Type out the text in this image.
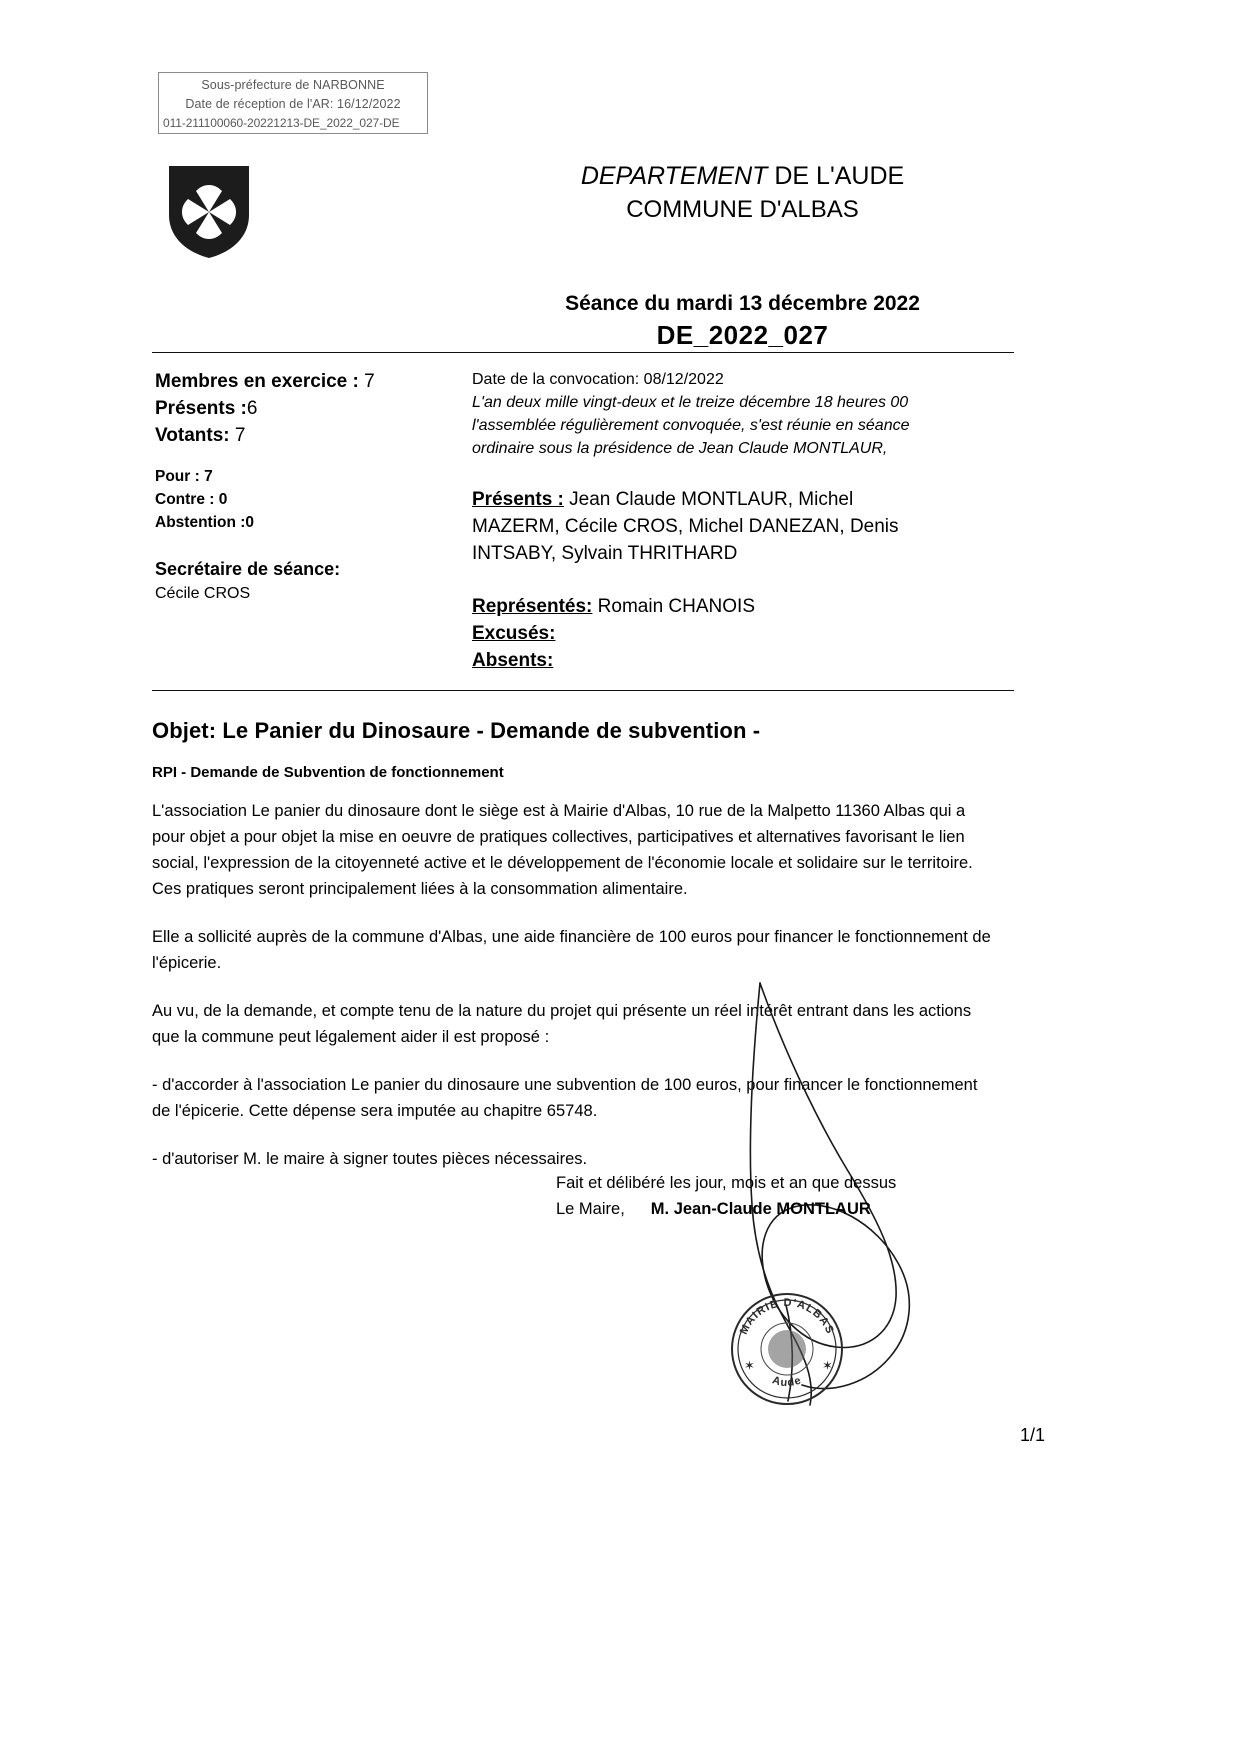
Sous-préfecture de NARBONNE
Date de réception de l'AR: 16/12/2022
011-211100060-20221213-DE_2022_027-DE
DEPARTEMENT DE L'AUDE
COMMUNE D'ALBAS
Séance du mardi 13 décembre 2022
DE_2022_027
Membres en exercice : 7
Présents :6
Votants: 7
Pour : 7
Contre : 0
Abstention :0
Secrétaire de séance:
Cécile CROS
Date de la convocation: 08/12/2022
L'an deux mille vingt-deux et le treize décembre 18 heures 00
l'assemblée régulièrement convoquée, s'est réunie en séance
ordinaire sous la présidence de Jean Claude MONTLAUR,
Présents : Jean Claude MONTLAUR, Michel
MAZERM, Cécile CROS, Michel DANEZAN, Denis
INTSABY, Sylvain THRITHARD
Représentés: Romain CHANOIS
Excusés:
Absents:
Objet: Le Panier du Dinosaure - Demande de subvention -
RPI - Demande de Subvention de fonctionnement

L'association Le panier du dinosaure dont le siège est à Mairie d'Albas, 10 rue de la Malpetto 11360 Albas qui a pour objet a pour objet la mise en oeuvre de pratiques collectives, participatives et alternatives favorisant le lien social, l'expression de la citoyenneté active et le développement de l'économie locale et solidaire sur le territoire. Ces pratiques seront principalement liées à la consommation alimentaire.

Elle a sollicité auprès de la commune d'Albas, une aide financière de 100 euros pour financer le fonctionnement de l'épicerie.

Au vu, de la demande, et compte tenu de la nature du projet qui présente un réel intérêt entrant dans les actions que la commune peut légalement aider il est proposé :

- d'accorder à l'association Le panier du dinosaure une subvention de 100 euros, pour financer le fonctionnement de l'épicerie. Cette dépense sera imputée au chapitre 65748.

- d'autoriser M. le maire à signer toutes pièces nécessaires.

MAIRIE D'ALBAS
Aude
✶	✶
Fait et délibéré les jour, mois et an que dessus
Le Maire, M. Jean-Claude MONTLAUR
1/1
